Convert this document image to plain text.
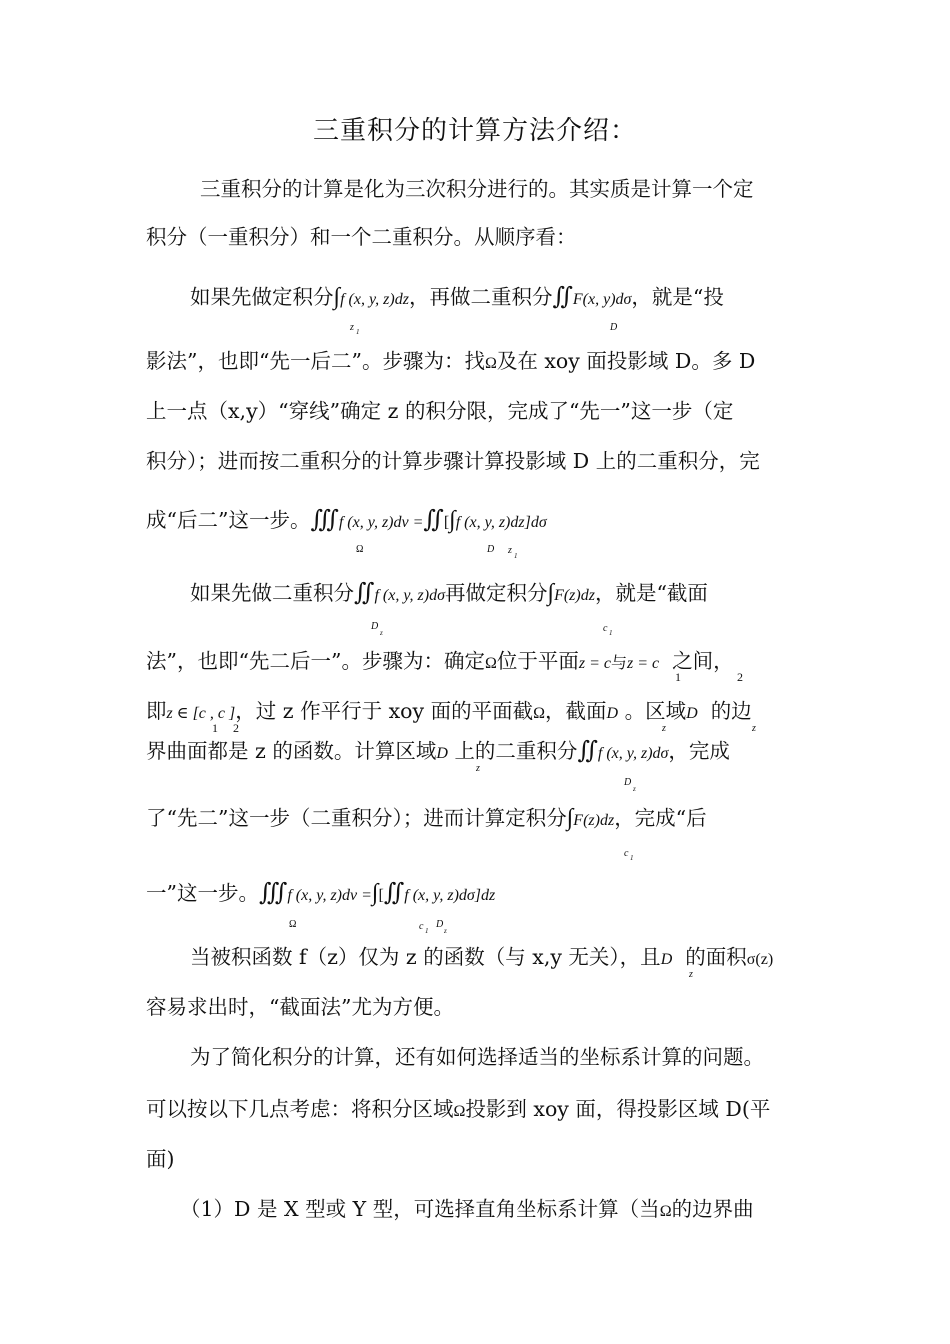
三重积分的计算方法介绍：
三重积分的计算是化为三次积分进行的。其实质是计算一个定
积分（一重积分）和一个二重积分。从顺序看：
如果先做定积分∫f (x, y, z)dz，再做二重积分∬F(x, y)dσ，就是“投
z 1	D
影法”，也即“先一后二”。步骤为：找Ω及在 xoy 面投影域 D。多 D
上一点（x,y）“穿线”确定 z 的积分限，完成了“先一”这一步（定
积分）；进而按二重积分的计算步骤计算投影域 D 上的二重积分，完
成“后二”这一步。∭f (x, y, z)dv =∬[∫f (x, y, z)dz]dσ
Ω	D z 1
如果先做二重积分∬f (x, y, z)dσ再做定积分∫F(z)dz，就是“截面
D
z	c 1
法”，也即“先二后一”。步骤为：确定Ω位于平面z = c与z = c 之间，
1	2
即z ∈ [c , c ]，过 z 作平行于 xoy 面的平面截Ω，截面D 。区域D 的边
1 2	z	z
界曲面都是 z 的函数。计算区域D 上的二重积分∬f (x, y, z)dσ，完成
z
D
z
了“先二”这一步（二重积分）；进而计算定积分∫F(z)dz，完成“后
c 1
一”这一步。∭f (x, y, z)dv =∫[∬f (x, y, z)dσ]dz
Ω	c 1
D
z
当被积函数 f（z）仅为 z 的函数（与 x,y 无关），且D 的面积σ(z)
z
容易求出时，“截面法”尤为方便。
为了简化积分的计算，还有如何选择适当的坐标系计算的问题。
可以按以下几点考虑：将积分区域Ω投影到 xoy 面，得投影区域 D(平
面)
（1）D 是 X 型或 Y 型，可选择直角坐标系计算（当Ω的边界曲
